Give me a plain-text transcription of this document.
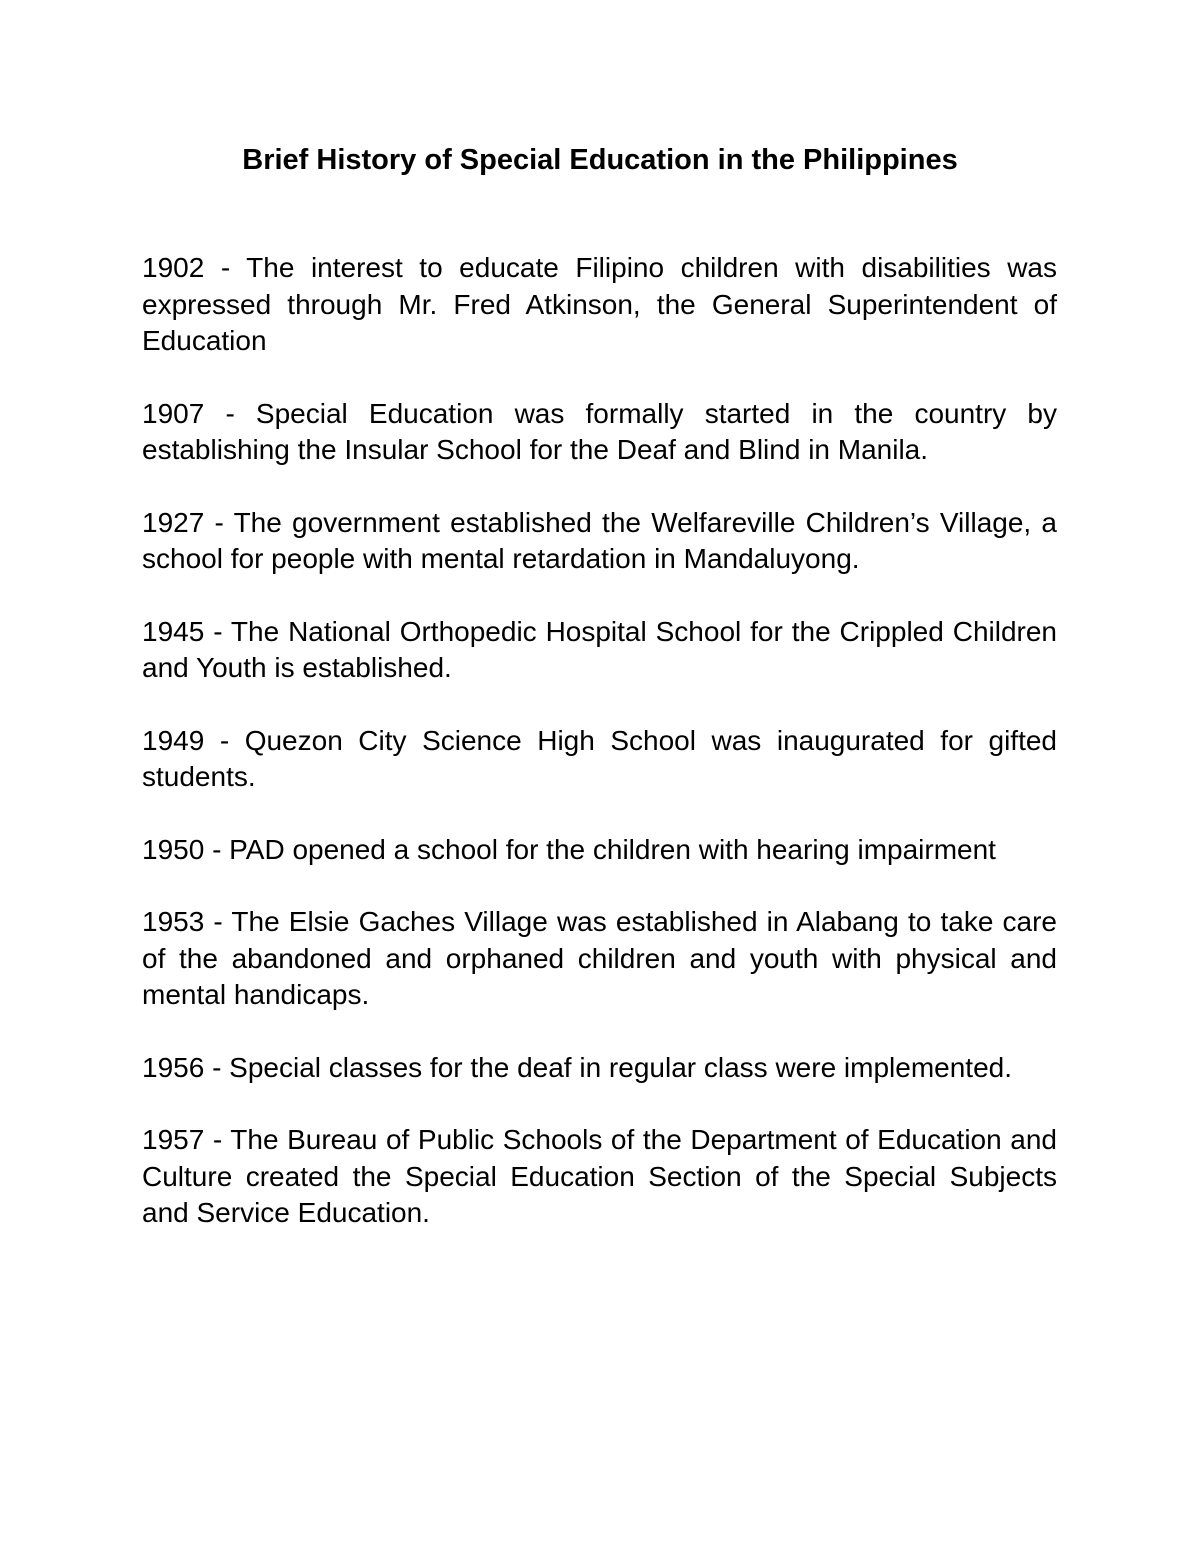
Brief History of Special Education in the Philippines

1902 - The interest to educate Filipino children with disabilities was expressed through Mr. Fred Atkinson, the General Superintendent of Education

1907 - Special Education was formally started in the country by establishing the Insular School for the Deaf and Blind in Manila.

1927 - The government established the Welfareville Children’s Village, a school for people with mental retardation in Mandaluyong.

1945 - The National Orthopedic Hospital School for the Crippled Children and Youth is established.

1949 - Quezon City Science High School was inaugurated for gifted students.

1950 - PAD opened a school for the children with hearing impairment

1953 - The Elsie Gaches Village was established in Alabang to take care of the abandoned and orphaned children and youth with physical and mental handicaps.

1956 - Special classes for the deaf in regular class were implemented.

1957 - The Bureau of Public Schools of the Department of Education and Culture created the Special Education Section of the Special Subjects and Service Education.
